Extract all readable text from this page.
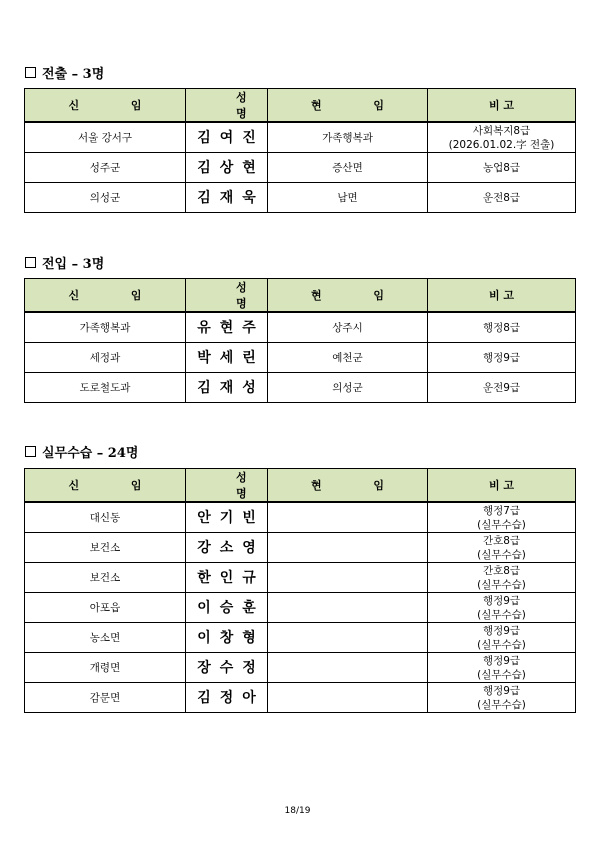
전출 – 3명
신 임	성 명	현 임	비 고
서울 강서구	김여진	가족행복과	사회복지8급
(2026.01.02.字 전출)

성주군	김상현	증산면	농업8급
의성군	김재욱	남면	운전8급
전입 – 3명
신 임	성 명	현 임	비 고
가족행복과	유현주	상주시	행정8급
세정과	박세린	예천군	행정9급
도로철도과	김재성	의성군	운전9급
실무수습 – 24명
신 임	성 명	현 임	비 고
대신동	안기빈		행정7급
(실무수습)

보건소	강소영		간호8급
(실무수습)

보건소	한인규		간호8급
(실무수습)

아포읍	이승훈		행정9급
(실무수습)

농소면	이창형		행정9급
(실무수습)

개령면	장수정		행정9급
(실무수습)

감문면	김정아		행정9급
(실무수습)
18/19
